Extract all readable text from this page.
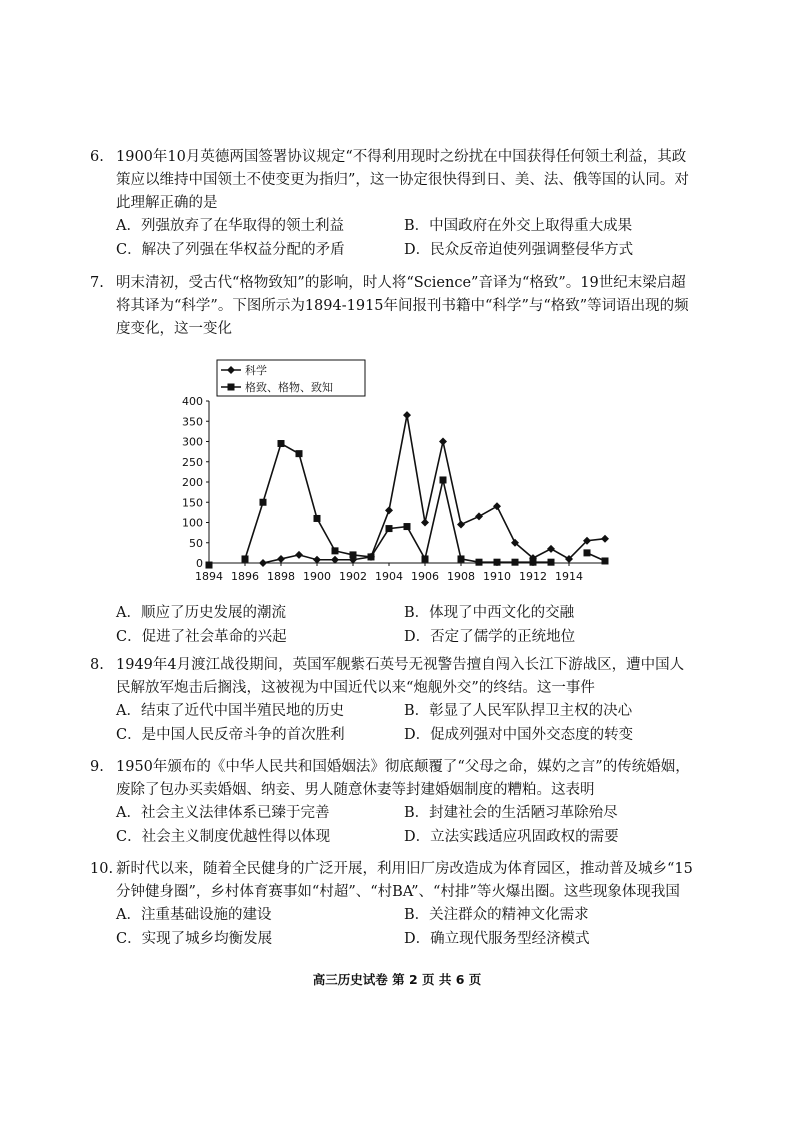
6. 1900年10月英德两国签署协议规定“不得利用现时之纷扰在中国获得任何领土利益，其政策应以维持中国领土不使变更为指归”，这一协定很快得到日、美、法、俄等国的认同。对此理解正确的是
A．列强放弃了在华取得的领土利益	B．中国政府在外交上取得重大成果
C．解决了列强在华权益分配的矛盾	D．民众反帝迫使列强调整侵华方式
7. 明末清初，受古代“格物致知”的影响，时人将“Science”音译为“格致”。19世纪末梁启超将其译为“科学”。下图所示为1894-1915年间报刊书籍中“科学”与“格致”等词语出现的频度变化，这一变化
0
50
100
150
200
250
300
350
400
1894 1896 1898 1900 1902 1904 1906 1908 1910 1912 1914
科学
格致、格物、致知
A．顺应了历史发展的潮流	B．体现了中西文化的交融
C．促进了社会革命的兴起	D．否定了儒学的正统地位
8. 1949年4月渡江战役期间，英国军舰紫石英号无视警告擅自闯入长江下游战区，遭中国人民解放军炮击后搁浅，这被视为中国近代以来“炮舰外交”的终结。这一事件
A．结束了近代中国半殖民地的历史	B．彰显了人民军队捍卫主权的决心
C．是中国人民反帝斗争的首次胜利	D．促成列强对中国外交态度的转变
9. 1950年颁布的《中华人民共和国婚姻法》彻底颠覆了“父母之命，媒妁之言”的传统婚姻，废除了包办买卖婚姻、纳妾、男人随意休妻等封建婚姻制度的糟粕。这表明
A．社会主义法律体系已臻于完善	B．封建社会的生活陋习革除殆尽
C．社会主义制度优越性得以体现	D．立法实践适应巩固政权的需要
10. 新时代以来，随着全民健身的广泛开展，利用旧厂房改造成为体育园区，推动普及城乡“15分钟健身圈”，乡村体育赛事如“村超”、“村BA”、“村排”等火爆出圈。这些现象体现我国
A．注重基础设施的建设	B．关注群众的精神文化需求
C．实现了城乡均衡发展	D．确立现代服务型经济模式
高三历史试卷 第 2 页 共 6 页
